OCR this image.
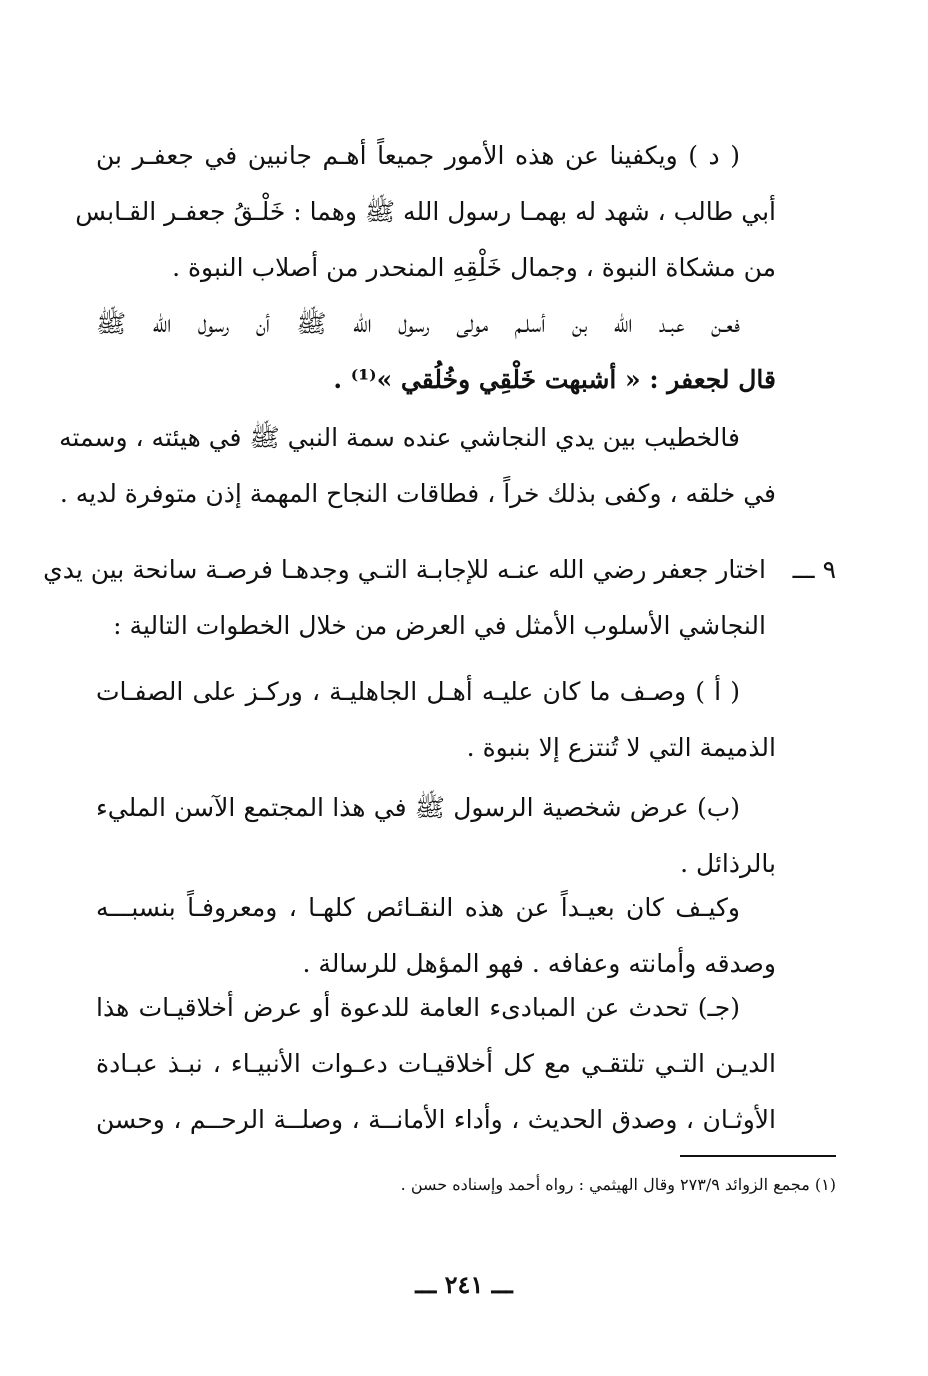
( د ) ويكفينا عن هذه الأمور جميعاً أهـم جانبين في جعفـر بن
أبي طالب ، شهد له بهمـا رسول الله ﷺ وهما : خَلْـقُ جعفـر القـابس
من مشكاة النبوة ، وجمال خَلْقِهِ المنحدر من أصلاب النبوة .
فعـن عبـد الله بن أسلـم مولى رسول الله ﷺ أن رسول الله ﷺ
قال لجعفر : « أشبهت خَلْقِي وخُلُقي »⁽¹⁾ .
فالخطيب بين يدي النجاشي عنده سمة النبي ﷺ في هيئته ، وسمته
في خلقه ، وكفى بذلك خراً ، فطاقات النجاح المهمة إذن متوفرة لديه .
٩ ـــ
اختار جعفر رضي الله عنـه للإجابـة التـي وجدهـا فرصـة سانحة بين يدي
النجاشي الأسلوب الأمثل في العرض من خلال الخطوات التالية :
( أ ) وصـف ما كان عليـه أهـل الجاهليـة ، وركـز على الصفـات
الذميمة التي لا تُنتزع إلا بنبوة .
(ب) عرض شخصية الرسول ﷺ في هذا المجتمع الآسن المليء
بالرذائل .
وكيـف كان بعيـداً عن هذه النقـائص كلهـا ، ومعروفـاً بنسبـــه
وصدقه وأمانته وعفافه . فهو المؤهل للرسالة .
(جـ) تحدث عن المبادىء العامة للدعوة أو عرض أخلاقيـات هذا
الديـن التـي تلتقـي مع كل أخلاقيـات دعـوات الأنبيـاء ، نبـذ عبـادة
الأوثـان ، وصدق الحديث ، وأداء الأمانــة ، وصلــة الرحــم ، وحسن
(١) مجمع الزوائد ٢٧٣/٩ وقال الهيثمي : رواه أحمد وإسناده حسن .
ـــ ٢٤١ ـــ
